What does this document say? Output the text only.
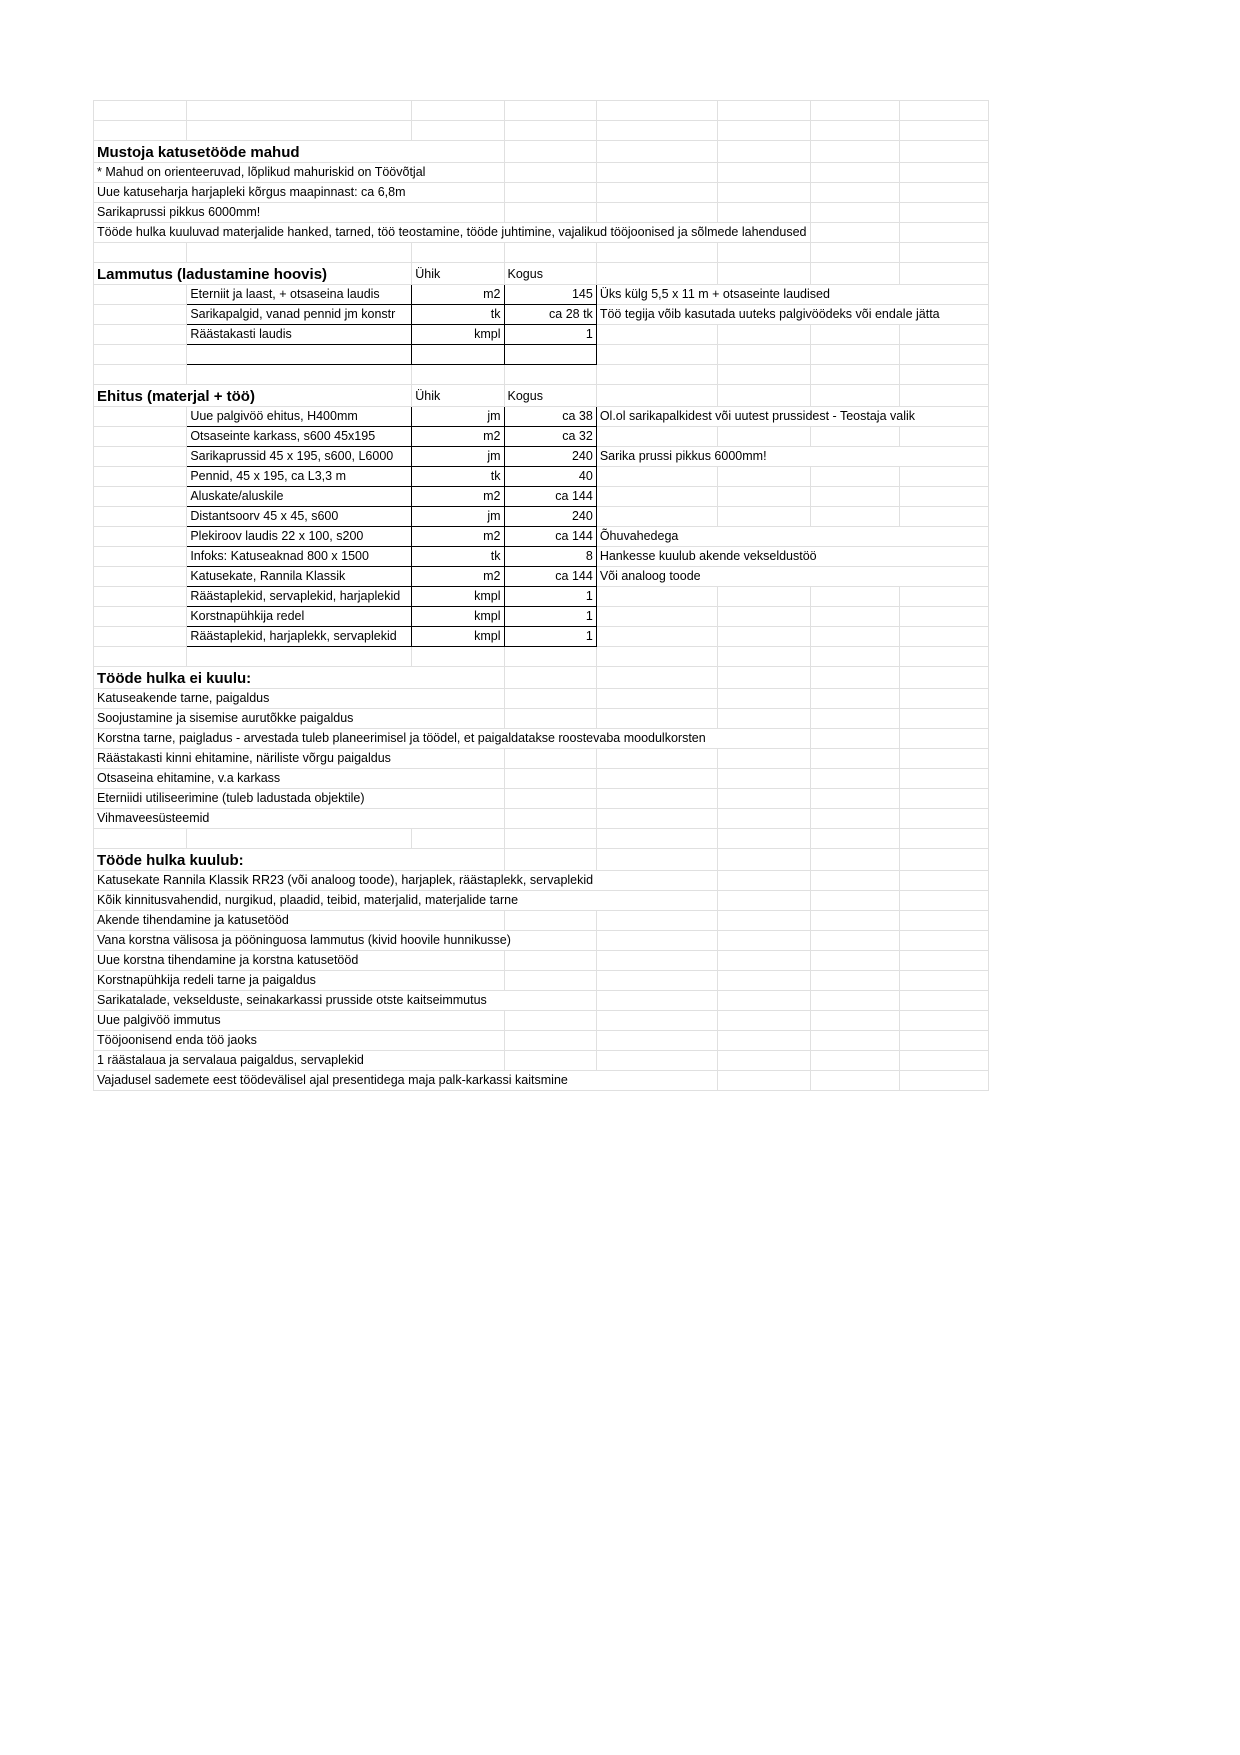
Mustoja katusetööde mahud							
* Mahud on orienteeruvad, lõplikud mahuriskid on Töövõtjal							
Uue katuseharja harjapleki kõrgus maapinnast: ca 6,8m							
Sarikaprussi pikkus 6000mm!							
Tööde hulka kuuluvad materjalide hanked, tarned, töö teostamine, tööde juhtimine, vajalikud tööjoonised ja sõlmede lahendused							

Lammutus (ladustamine hoovis)		Ühik	Kogus				
	Eterniit ja laast, + otsaseina laudis	m2	145	Üks külg 5,5 x 11 m + otsaseinte laudised			
	Sarikapalgid, vanad pennid jm konstr	tk	ca 28 tk	Töö tegija võib kasutada uuteks palgivöödeks või endale jätta			
	Räästakasti laudis	kmpl	1				

Ehitus (materjal + töö)		Ühik	Kogus				
	Uue palgivöö ehitus, H400mm	jm	ca 38	Ol.ol sarikapalkidest või uutest prussidest - Teostaja valik			
	Otsaseinte karkass, s600 45x195	m2	ca 32				
	Sarikaprussid 45 x 195, s600, L6000	jm	240	Sarika prussi pikkus 6000mm!			
	Pennid, 45 x 195, ca L3,3 m	tk	40				
	Aluskate/aluskile	m2	ca 144				
	Distantsoorv 45 x 45, s600	jm	240				
	Plekiroov laudis 22 x 100, s200	m2	ca 144	Õhuvahedega			
	Infoks: Katuseaknad 800 x 1500	tk	8	Hankesse kuulub akende vekseldustöö			
	Katusekate, Rannila Klassik	m2	ca 144	Või analoog toode			
	Räästaplekid, servaplekid, harjaplekid	kmpl	1				
	Korstnapühkija redel	kmpl	1				
	Räästaplekid, harjaplekk, servaplekid	kmpl	1				

Tööde hulka ei kuulu:							
Katuseakende tarne, paigaldus							
Soojustamine ja sisemise aurutõkke paigaldus							
Korstna tarne, paigladus - arvestada tuleb planeerimisel ja töödel, et paigaldatakse roostevaba moodulkorsten							
Räästakasti kinni ehitamine, näriliste võrgu paigaldus							
Otsaseina ehitamine, v.a karkass							
Eterniidi utiliseerimine (tuleb ladustada objektile)							
Vihmaveesüsteemid							

Tööde hulka kuulub:							
Katusekate Rannila Klassik RR23 (või analoog toode), harjaplek, räästaplekk, servaplekid							
Kõik kinnitusvahendid, nurgikud, plaadid, teibid, materjalid, materjalide tarne							
Akende tihendamine ja katusetööd							
Vana korstna välisosa ja pööninguosa lammutus (kivid hoovile hunnikusse)							
Uue korstna tihendamine ja korstna katusetööd							
Korstnapühkija redeli tarne ja paigaldus							
Sarikatalade, vekselduste, seinakarkassi prusside otste kaitseimmutus							
Uue palgivöö immutus							
Tööjoonisend enda töö jaoks							
1 räästalaua ja servalaua paigaldus, servaplekid							
Vajadusel sademete eest töödevälisel ajal presentidega maja palk-karkassi kaitsmine							
